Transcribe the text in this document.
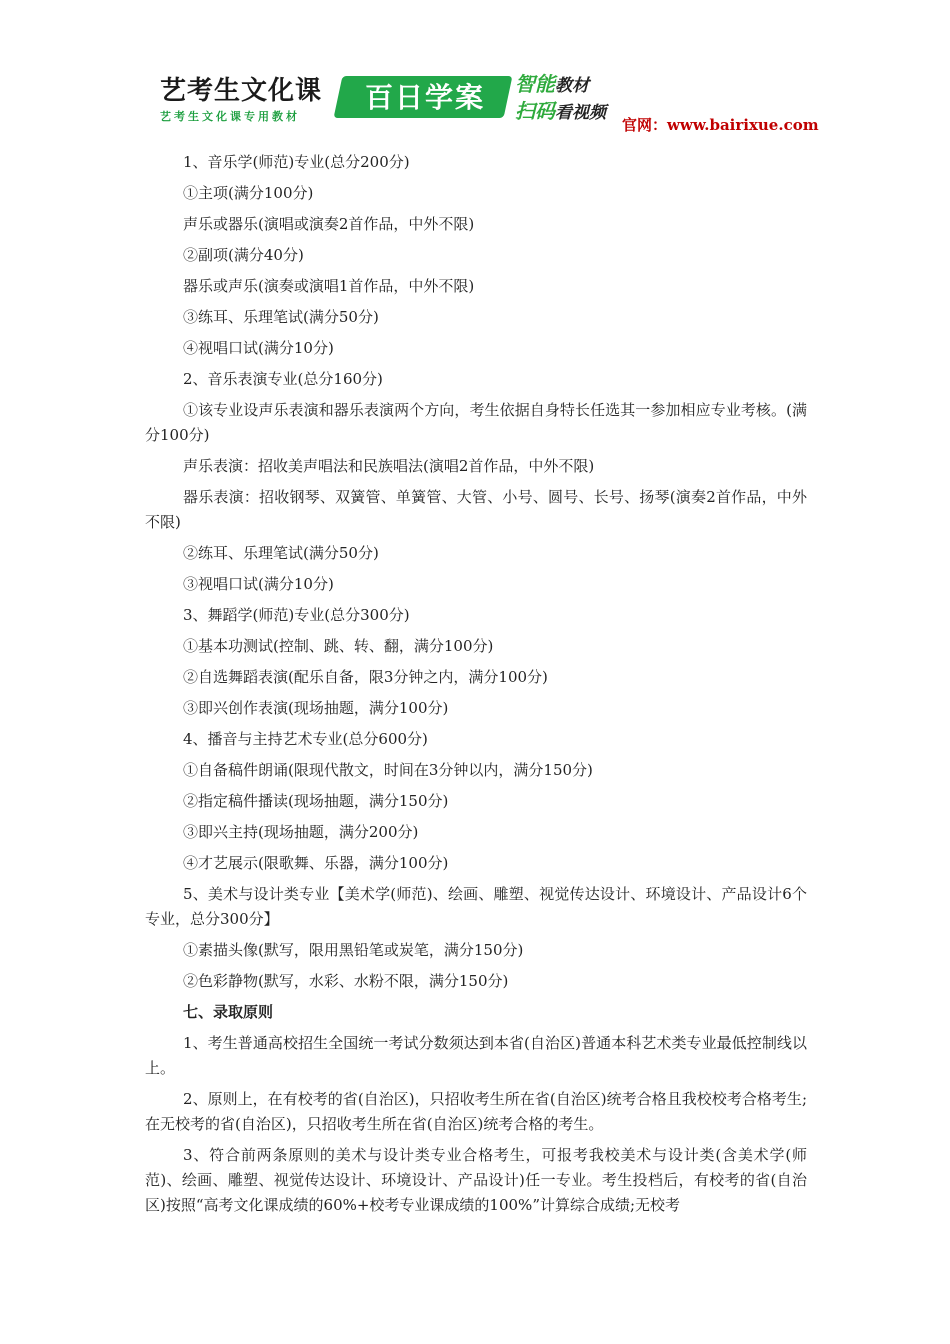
艺考生文化课
艺考生文化课专用教材
百日学案	智能教材
扫码看视频
官网：www.bairixue.com

1、音乐学(师范)专业(总分200分)

①主项(满分100分)

声乐或器乐(演唱或演奏2首作品，中外不限)

②副项(满分40分)

器乐或声乐(演奏或演唱1首作品，中外不限)

③练耳、乐理笔试(满分50分)

④视唱口试(满分10分)

2、音乐表演专业(总分160分)

①该专业设声乐表演和器乐表演两个方向，考生依据自身特长任选其一参加相应专业考核。(满分100分)

声乐表演：招收美声唱法和民族唱法(演唱2首作品，中外不限)

器乐表演：招收钢琴、双簧管、单簧管、大管、小号、圆号、长号、扬琴(演奏2首作品，中外不限)

②练耳、乐理笔试(满分50分)

③视唱口试(满分10分)

3、舞蹈学(师范)专业(总分300分)

①基本功测试(控制、跳、转、翻，满分100分)

②自选舞蹈表演(配乐自备，限3分钟之内，满分100分)

③即兴创作表演(现场抽题，满分100分)

4、播音与主持艺术专业(总分600分)

①自备稿件朗诵(限现代散文，时间在3分钟以内，满分150分)

②指定稿件播读(现场抽题，满分150分)

③即兴主持(现场抽题，满分200分)

④才艺展示(限歌舞、乐器，满分100分)

5、美术与设计类专业【美术学(师范)、绘画、雕塑、视觉传达设计、环境设计、产品设计6个专业，总分300分】

①素描头像(默写，限用黑铅笔或炭笔，满分150分)

②色彩静物(默写，水彩、水粉不限，满分150分)

七、录取原则

1、考生普通高校招生全国统一考试分数须达到本省(自治区)普通本科艺术类专业最低控制线以上。

2、原则上，在有校考的省(自治区)，只招收考生所在省(自治区)统考合格且我校校考合格考生;在无校考的省(自治区)，只招收考生所在省(自治区)统考合格的考生。

3、符合前两条原则的美术与设计类专业合格考生，可报考我校美术与设计类(含美术学(师范)、绘画、雕塑、视觉传达设计、环境设计、产品设计)任一专业。考生投档后，有校考的省(自治区)按照“高考文化课成绩的60%+校考专业课成绩的100%”计算综合成绩;无校考
